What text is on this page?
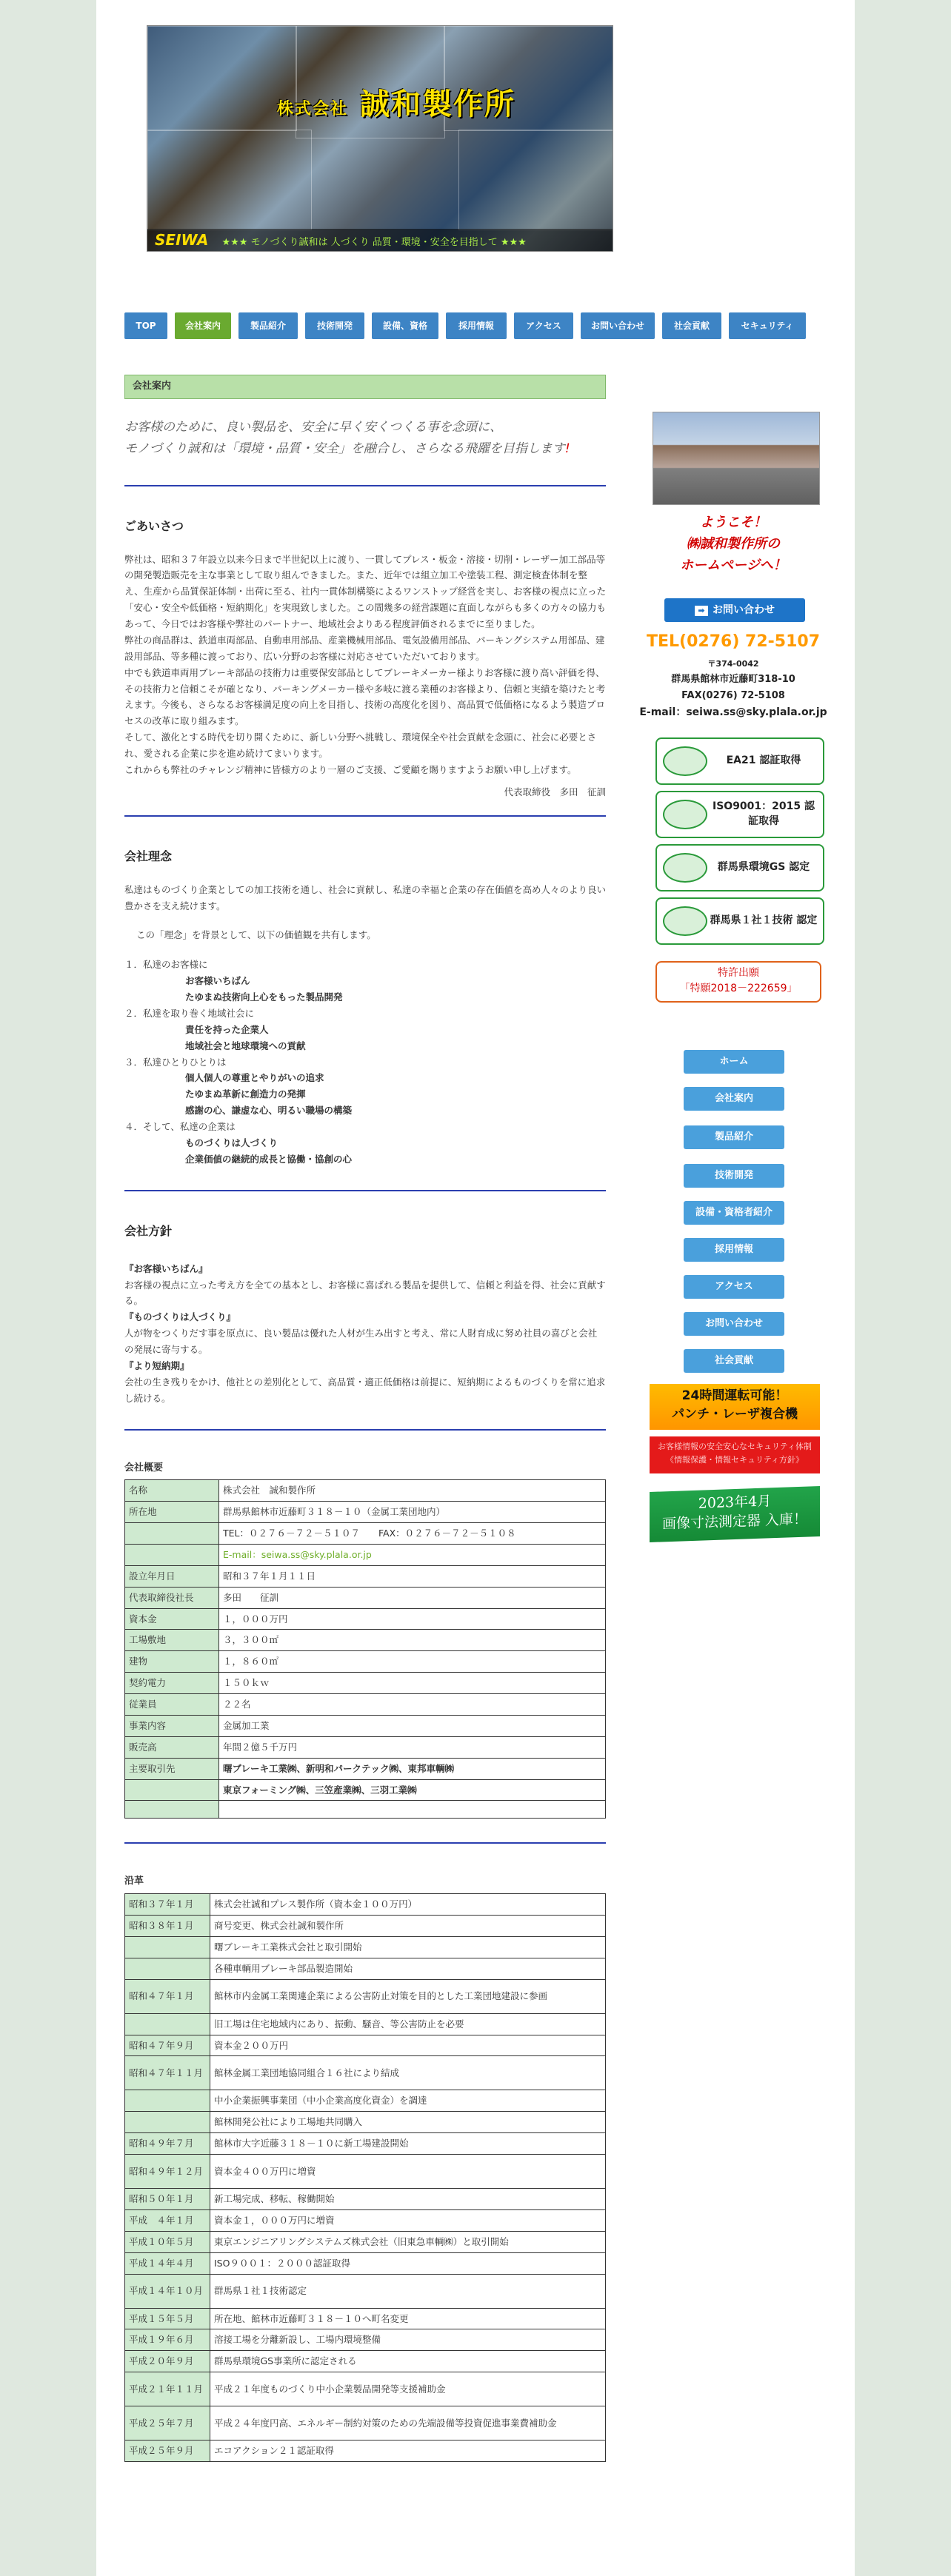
株式会社 誠和製作所
SEIWA ★★★ モノづくり誠和は 人づくり 品質・環境・安全を目指して ★★★
TOP	会社案内	製品紹介	技術開発	設備、資格	採用情報	アクセス	お問い合わせ	社会貢献	セキュリティ
会社案内
お客様のために、良い製品を、安全に早く安くつくる事を念頭に、
モノづくり誠和は「環境・品質・安全」を融合し、さらなる飛躍を目指します!
ごあいさつ

弊社は、昭和３７年設立以来今日まで半世紀以上に渡り、一貫してプレス・板金・溶接・切削・レーザー加工部品等の開発製造販売を主な事業として取り組んできました。また、近年では組立加工や塗装工程、測定検査体制を整え、生産から品質保証体制・出荷に至る、社内一貫体制構築によるワンストップ経営を実し、お客様の視点に立った「安心・安全や低価格・短納期化」を実現致しました。この間幾多の経営課題に直面しながらも多くの方々の協力もあって、今日ではお客様や弊社のパートナー、地域社会よりある程度評価されるまでに至りました。

弊社の商品群は、鉄道車両部品、自動車用部品、産業機械用部品、電気設備用部品、パーキングシステム用部品、建設用部品、等多種に渡っており、広い分野のお客様に対応させていただいております。

中でも鉄道車両用ブレーキ部品の技術力は重要保安部品としてブレーキメーカー様よりお客様に渡り高い評価を得、その技術力と信頼こそが確となり、パーキングメーカー様や多岐に渡る業種のお客様より、信頼と実績を築けたと考えます。今後も、さらなるお客様満足度の向上を目指し、技術の高度化を図り、高品質で低価格になるよう製造プロセスの改革に取り組みます。

そして、激化とする時代を切り開くために、新しい分野へ挑戦し、環境保全や社会貢献を念頭に、社会に必要とされ、愛される企業に歩を進め続けてまいります。

これからも弊社のチャレンジ精神に皆様方のより一層のご支援、ご愛顧を賜りますようお願い申し上げます。

代表取締役　多田　征訓

会社理念

私達はものづくり企業としての加工技術を通し、社会に貢献し、私達の幸福と企業の存在価値を高め人々のより良い豊かさを支え続けます。

この「理念」を背景として、以下の価値観を共有します。

１．私達のお客様に
お客様いちばん
たゆまぬ技術向上心をもった製品開発
２．私達を取り巻く地域社会に
責任を持った企業人
地域社会と地球環境への貢献
３．私達ひとりひとりは
個人個人の尊重とやりがいの追求
たゆまぬ革新に創造力の発揮
感謝の心、謙虚な心、明るい職場の構築
４．そして、私達の企業は
ものづくりは人づくり
企業価値の継続的成長と協働・協創の心
会社方針
『お客様いちばん』

お客様の視点に立った考え方を全ての基本とし、お客様に喜ばれる製品を提供して、信頼と利益を得、社会に貢献する。

『ものづくりは人づくり』

人が物をつくりだす事を原点に、良い製品は優れた人材が生み出すと考え、常に人財育成に努め社員の喜びと会社の発展に寄与する。

『より短納期』

会社の生き残りをかけ、他社との差別化として、高品質・適正低価格は前提に、短納期によるものづくりを常に追求し続ける。

会社概要
名称	株式会社　誠和製作所
所在地	群馬県館林市近藤町３１８－１０（金属工業団地内）
	TEL：０２７６－７２－５１０７　　FAX：０２７６－７２－５１０８
	E-mail：seiwa.ss@sky.plala.or.jp
設立年月日	昭和３７年１月１１日
代表取締役社長	多田　　征訓
資本金	１，０００万円
工場敷地	３，３００㎡
建物	１，８６０㎡
契約電力	１５０ｋｗ
従業員	２２名
事業内容	金属加工業
販売高	年間２億５千万円
主要取引先	曙ブレーキ工業㈱、新明和パークテック㈱、東邦車輌㈱
	東京フォーミング㈱、三笠産業㈱、三羽工業㈱

沿革
昭和３７年１月	株式会社誠和プレス製作所（資本金１００万円）
昭和３８年１月	商号変更、株式会社誠和製作所
	曙ブレーキ工業株式会社と取引開始
	各種車輌用ブレーキ部品製造開始
昭和４７年１月	館林市内金属工業関連企業による公害防止対策を目的とした工業団地建設に参画
	旧工場は住宅地域内にあり、振動、騒音、等公害防止を必要
昭和４７年９月	資本金２００万円
昭和４７年１１月	館林金属工業団地協同組合１６社により結成
	中小企業振興事業団（中小企業高度化資金）を調達
	館林開発公社により工場地共同購入
昭和４９年７月	館林市大字近藤３１８－１０に新工場建設開始
昭和４９年１２月	資本金４００万円に増資
昭和５０年１月	新工場完成、移転、稼働開始
平成　４年１月	資本金１，０００万円に増資
平成１０年５月	東京エンジニアリングシステムズ株式会社（旧東急車輌㈱）と取引開始
平成１４年４月	ISO９００１：２０００認証取得
平成１４年１０月	群馬県１社１技術認定
平成１５年５月	所在地、館林市近藤町３１８－１０へ町名変更
平成１９年６月	溶接工場を分離新設し、工場内環境整備
平成２０年９月	群馬県環境GS事業所に認定される
平成２１年１１月	平成２１年度ものづくり中小企業製品開発等支援補助金
平成２５年７月	平成２４年度円高、エネルギー制約対策のための先端設備等投資促進事業費補助金
平成２５年９月	エコアクション２１認証取得
ようこそ！
㈱誠和製作所の
ホームページへ！
➡ お問い合わせ
TEL(0276) 72-5107
〒374-0042
群馬県館林市近藤町318-10
FAX(0276) 72-5108
E-mail：seiwa.ss@sky.plala.or.jp
EA21 認証取得
ISO9001：2015 認証取得
群馬県環境GS 認定
群馬県１社１技術 認定
特許出願
「特願2018－222659」
ホーム
会社案内
製品紹介
技術開発
設備・資格者紹介
採用情報
アクセス
お問い合わせ
社会貢献
24時間運転可能！
パンチ・レーザ複合機
お客様情報の安全安心なセキュリティ体制
《情報保護・情報セキュリティ方針》
2023年4月
画像寸法測定器 入庫！
